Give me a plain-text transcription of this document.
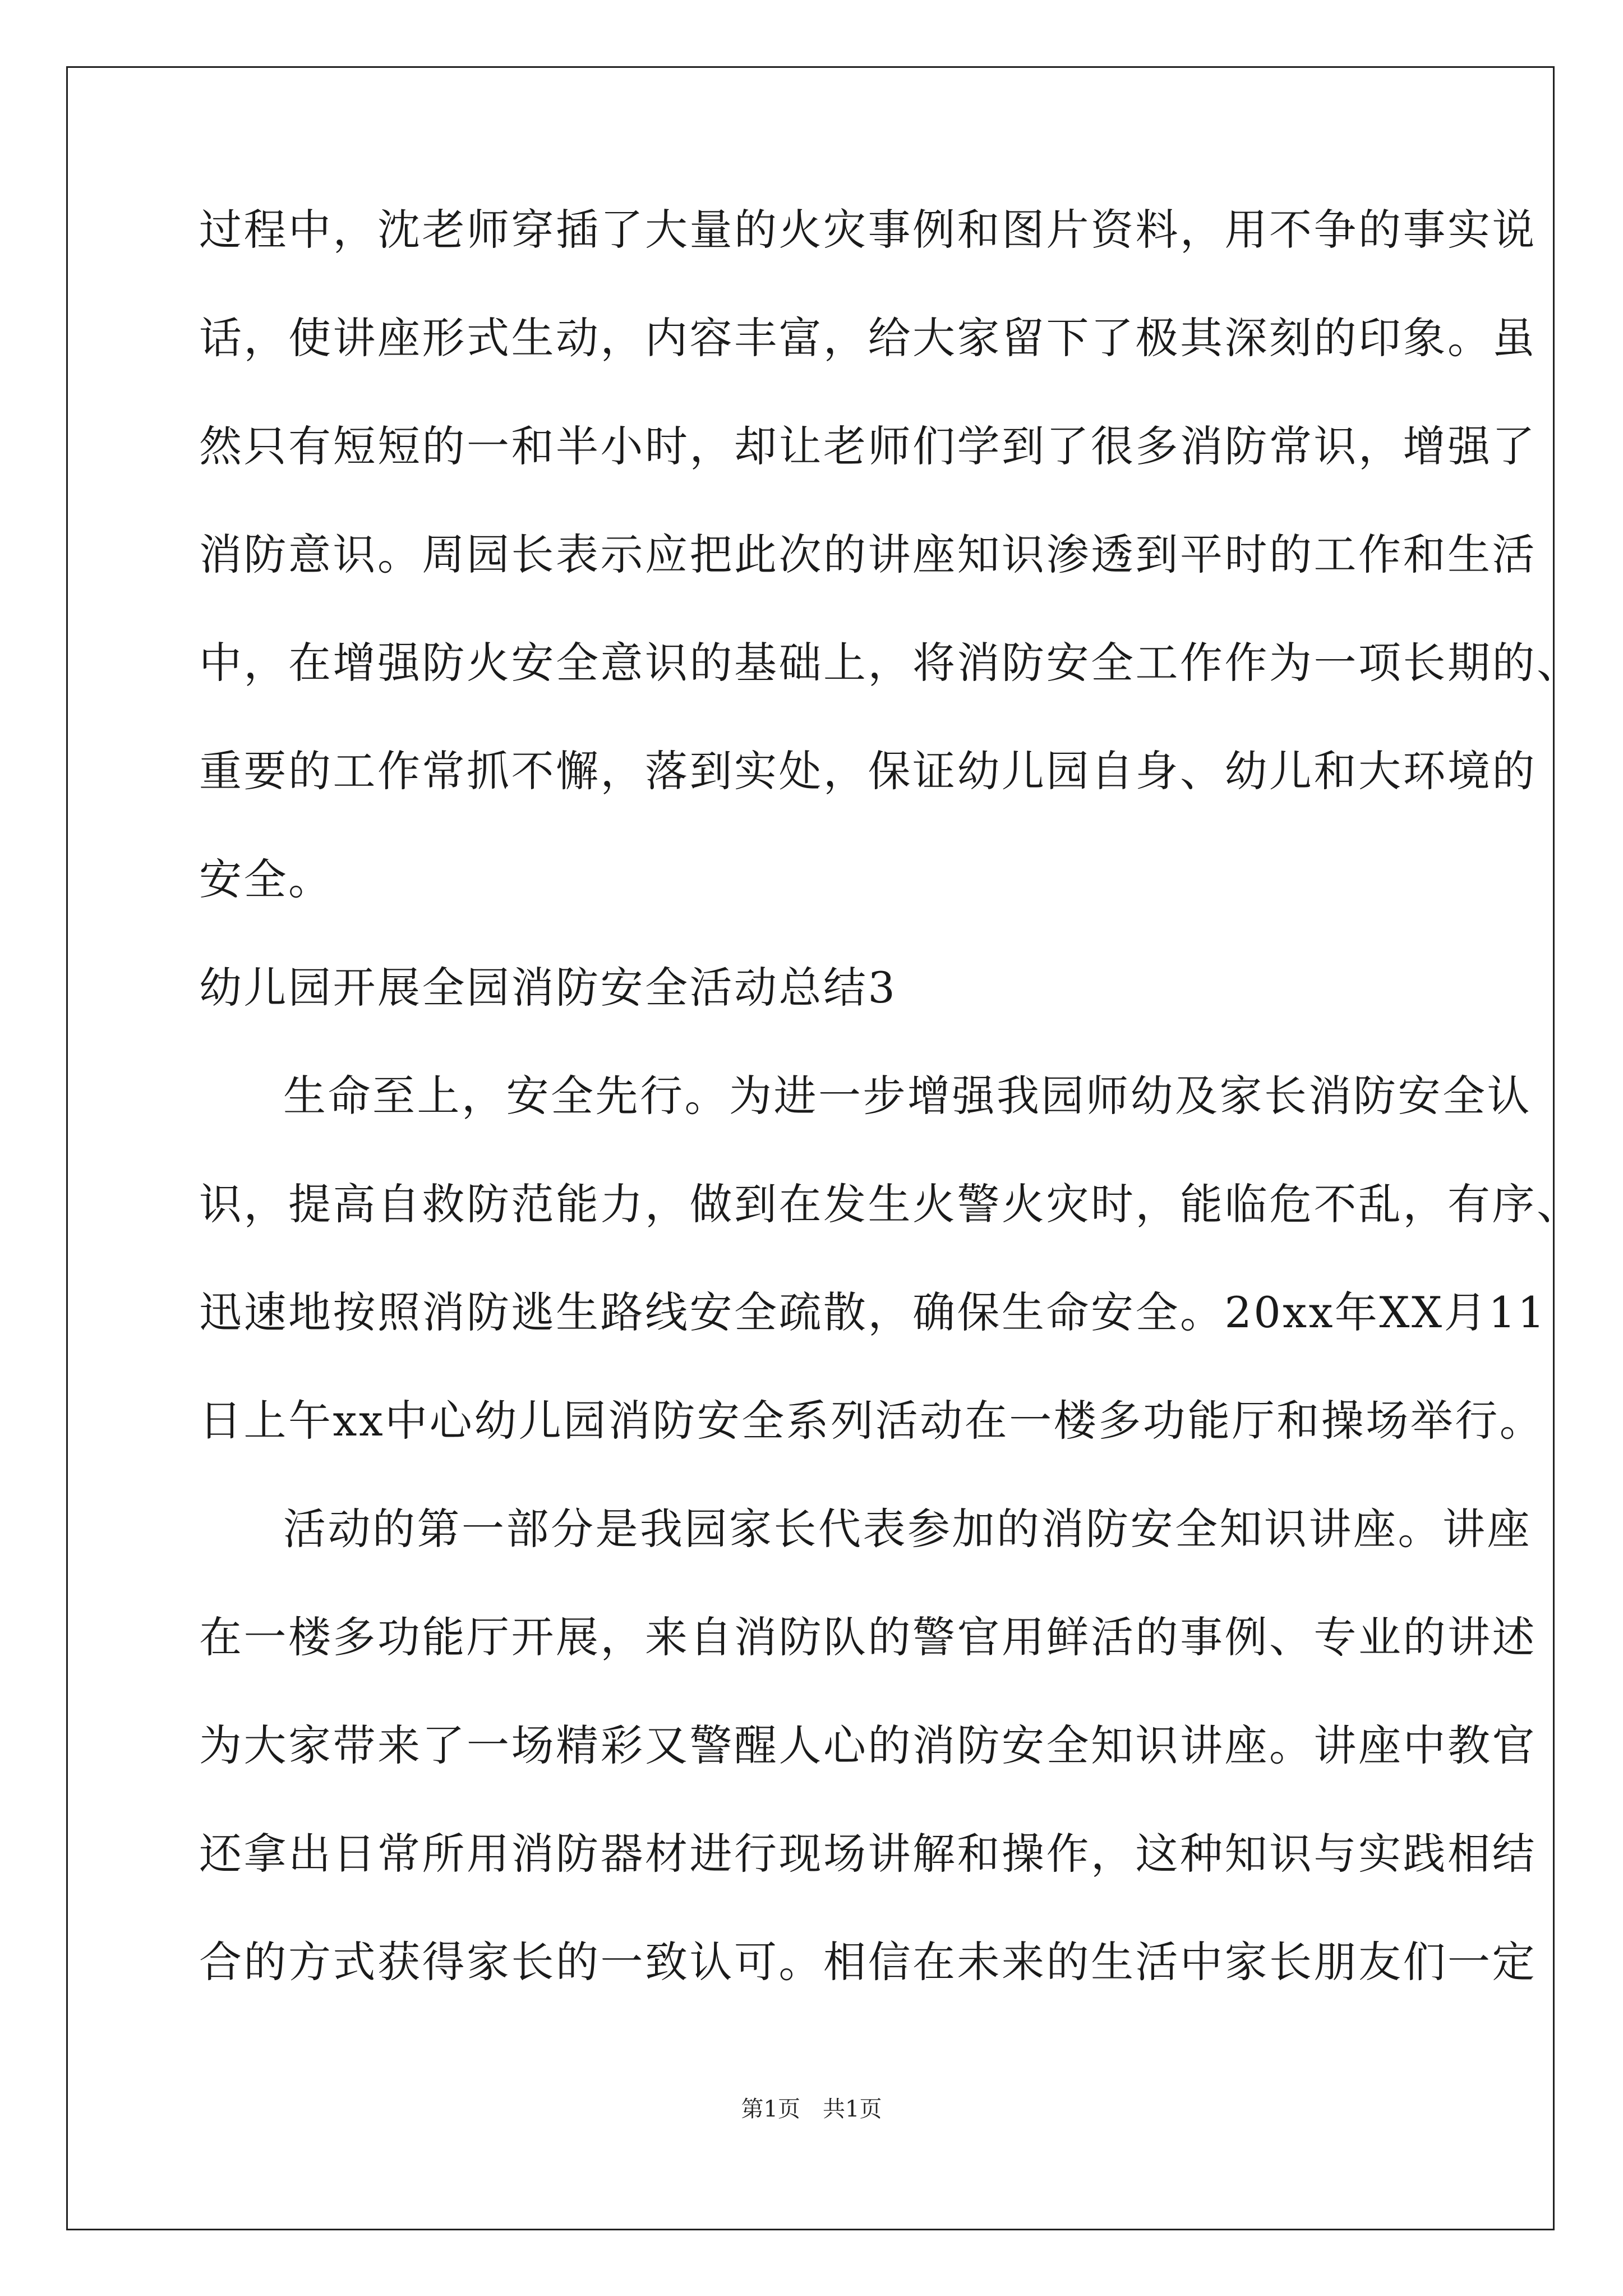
过程中，沈老师穿插了大量的火灾事例和图片资料，用不争的事实说
话，使讲座形式生动，内容丰富，给大家留下了极其深刻的印象。虽
然只有短短的一和半小时，却让老师们学到了很多消防常识，增强了
消防意识。周园长表示应把此次的讲座知识渗透到平时的工作和生活
中，在增强防火安全意识的基础上，将消防安全工作作为一项长期的、
重要的工作常抓不懈，落到实处，保证幼儿园自身、幼儿和大环境的
安全。
幼儿园开展全园消防安全活动总结3
生命至上，安全先行。为进一步增强我园师幼及家长消防安全认
识，提高自救防范能力，做到在发生火警火灾时，能临危不乱，有序、
迅速地按照消防逃生路线安全疏散，确保生命安全。20xx年XX月11
日上午xx中心幼儿园消防安全系列活动在一楼多功能厅和操场举行。
活动的第一部分是我园家长代表参加的消防安全知识讲座。讲座
在一楼多功能厅开展，来自消防队的警官用鲜活的事例、专业的讲述
为大家带来了一场精彩又警醒人心的消防安全知识讲座。讲座中教官
还拿出日常所用消防器材进行现场讲解和操作，这种知识与实践相结
合的方式获得家长的一致认可。相信在未来的生活中家长朋友们一定
第1页　共1页
